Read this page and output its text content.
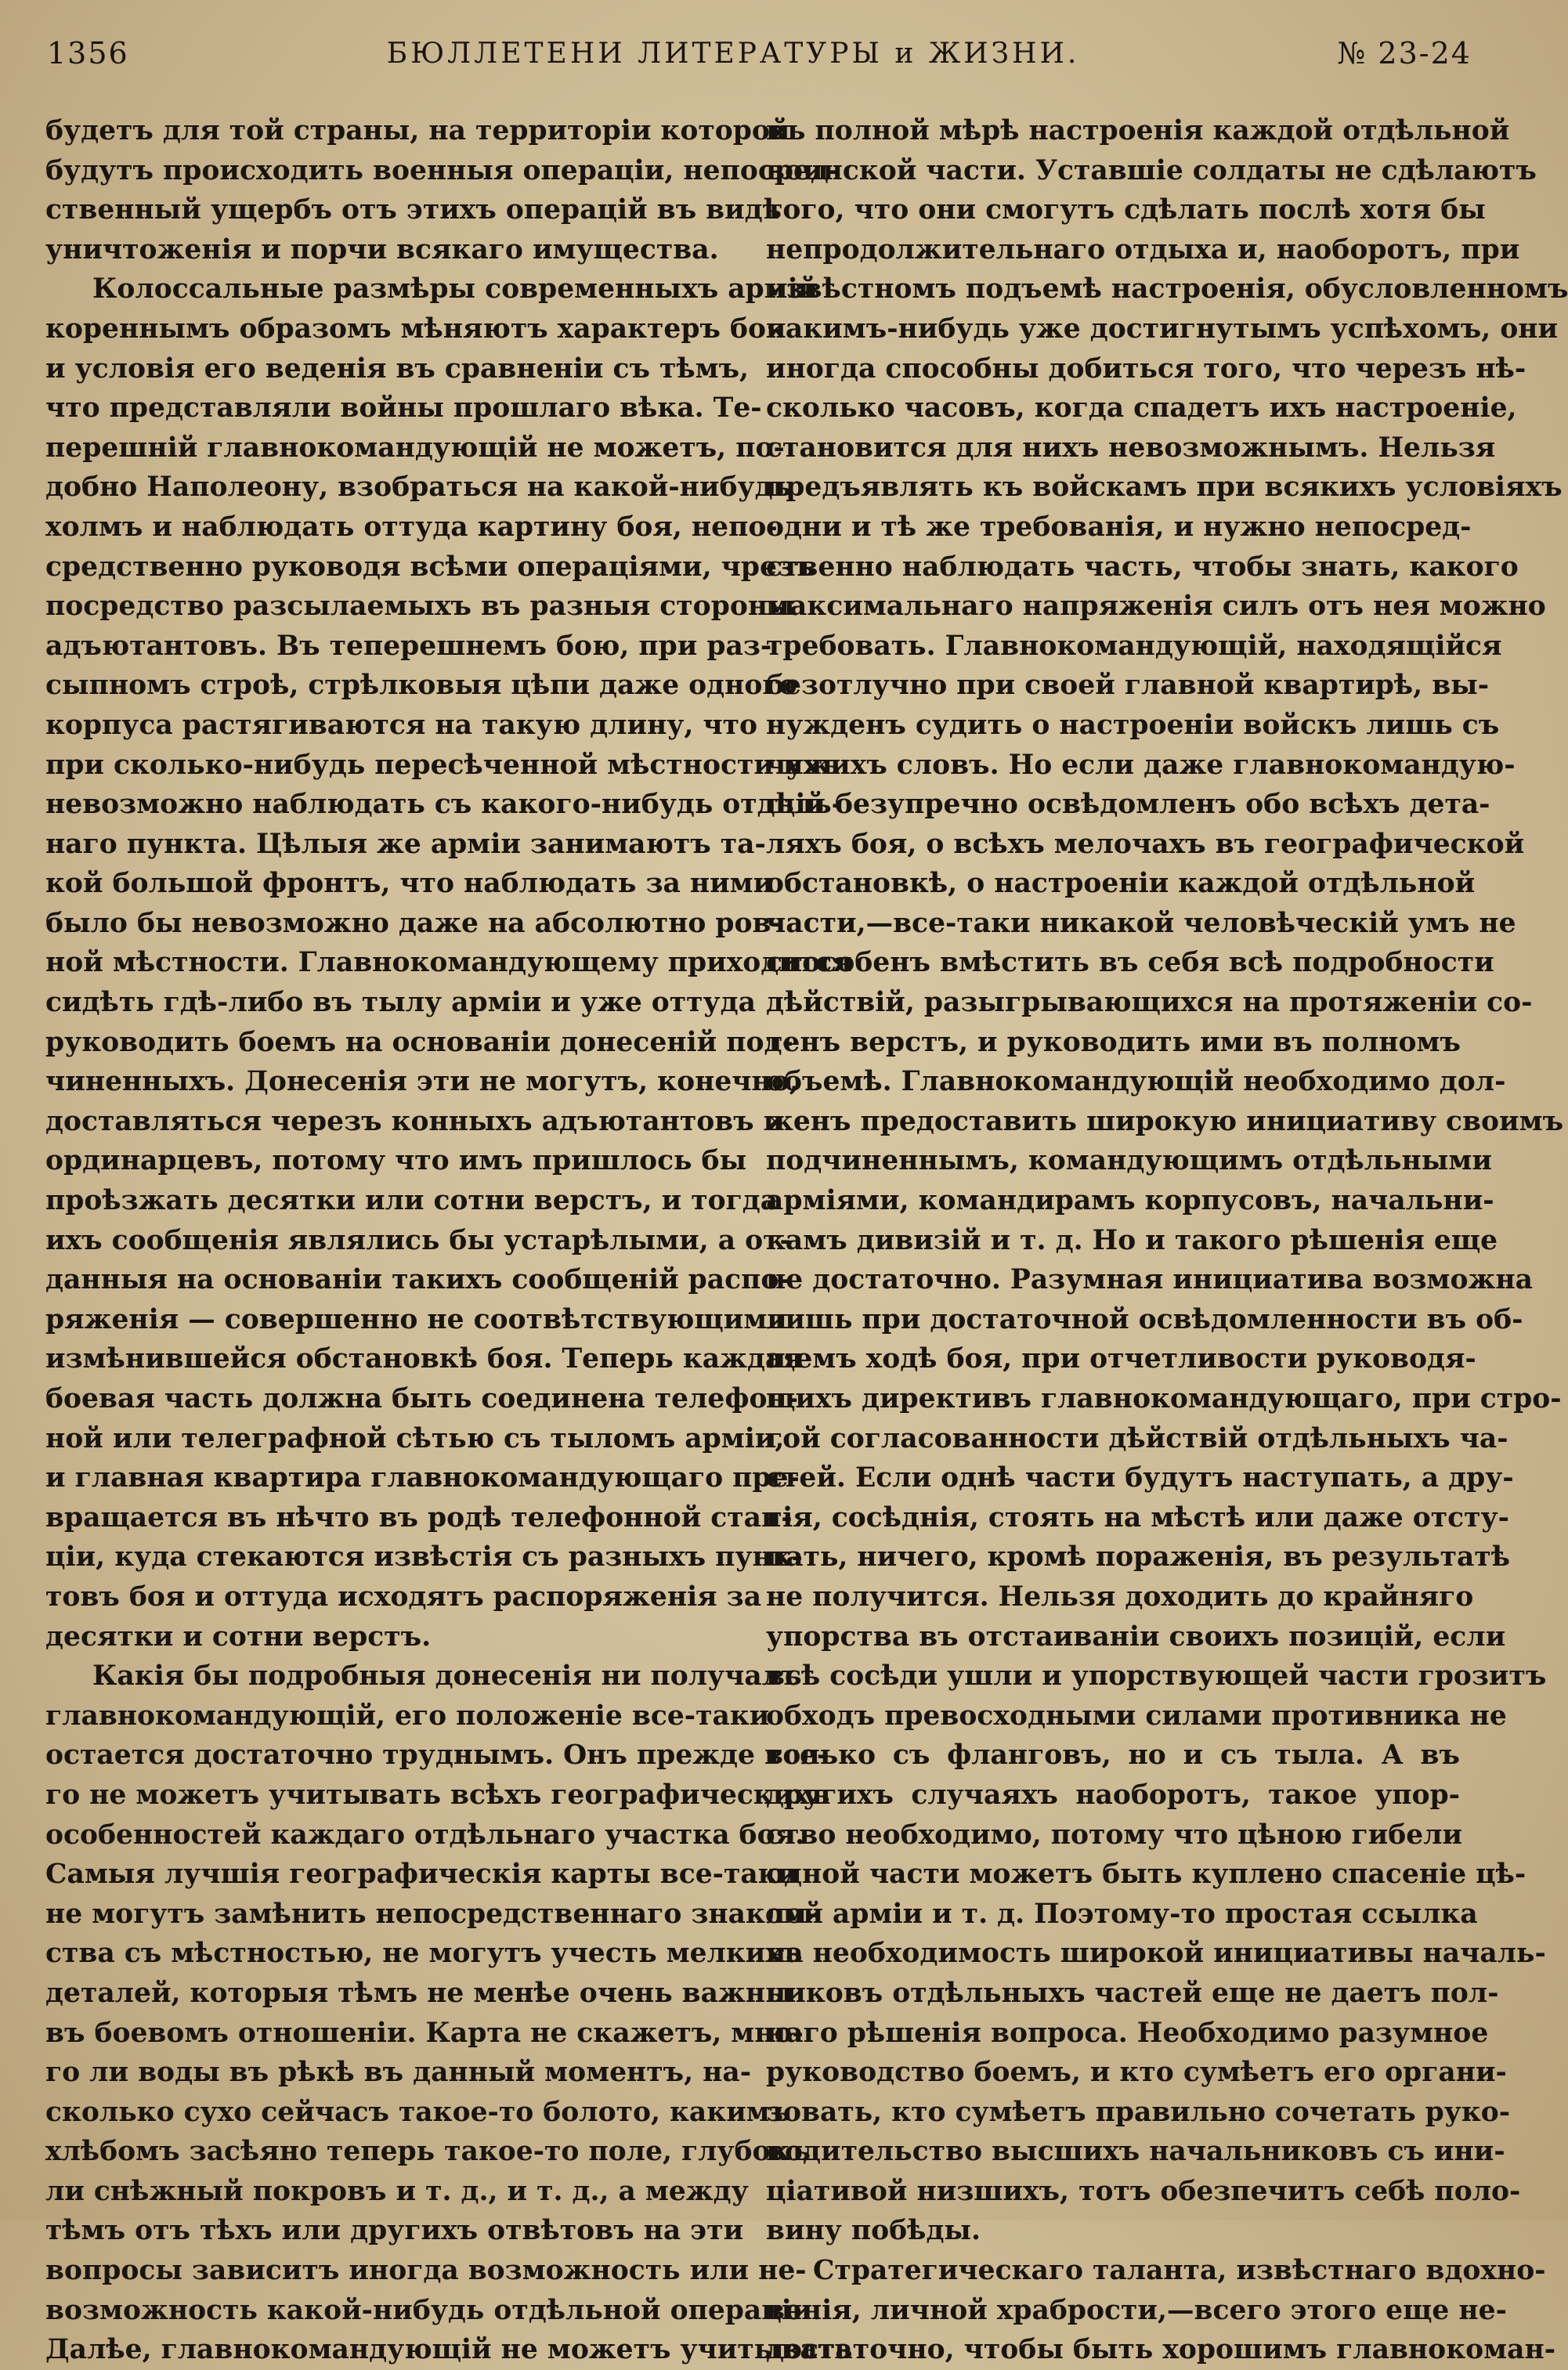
1356	БЮЛЛЕТЕНИ ЛИТЕРАТУРЫ и ЖИЗНИ.	№ 23-24
будетъ для той страны, на территоріи которой
будутъ происходить военныя операціи, непосред-
ственный ущербъ отъ этихъ операцій въ видѣ
уничтоженія и порчи всякаго имущества.
Колоссальные размѣры современныхъ армій
кореннымъ образомъ мѣняютъ характеръ боя
и условія его веденія въ сравненіи съ тѣмъ,
что представляли войны прошлаго вѣка. Те-
перешній главнокомандующій не можетъ, по-
добно Наполеону, взобраться на какой-нибудь
холмъ и наблюдать оттуда картину боя, непо-
средственно руководя всѣми операціями, чрезъ
посредство разсылаемыхъ въ разныя стороны
адъютантовъ. Въ теперешнемъ бою, при раз-
сыпномъ строѣ, стрѣлковыя цѣпи даже одного
корпуса растягиваются на такую длину, что
при сколько-нибудь пересѣченной мѣстности ихъ
невозможно наблюдать съ какого-нибудь отдѣль-
наго пункта. Цѣлыя же арміи занимаютъ та-
кой большой фронтъ, что наблюдать за ними
было бы невозможно даже на абсолютно ров-
ной мѣстности. Главнокомандующему приходится
сидѣть гдѣ-либо въ тылу арміи и уже оттуда
руководить боемъ на основаніи донесеній под-
чиненныхъ. Донесенія эти не могутъ, конечно,
доставляться черезъ конныхъ адъютантовъ и
ординарцевъ, потому что имъ пришлось бы
проѣзжать десятки или сотни верстъ, и тогда
ихъ сообщенія являлись бы устарѣлыми, а от-
данныя на основаніи такихъ сообщеній распо-
ряженія — совершенно не соотвѣтствующими
измѣнившейся обстановкѣ боя. Теперь каждая
боевая часть должна быть соединена телефон-
ной или телеграфной сѣтью съ тыломъ арміи,
и главная квартира главнокомандующаго пре-
вращается въ нѣчто въ родѣ телефонной стан-
ціи, куда стекаются извѣстія съ разныхъ пунк-
товъ боя и оттуда исходятъ распоряженія за
десятки и сотни верстъ.
Какія бы подробныя донесенія ни получалъ
главнокомандующій, его положеніе все-таки
остается достаточно труднымъ. Онъ прежде все-
го не можетъ учитывать всѣхъ географическихъ
особенностей каждаго отдѣльнаго участка боя.
Самыя лучшія географическія карты все-таки
не могутъ замѣнить непосредственнаго знаком-
ства съ мѣстностью, не могутъ учесть мелкихъ
деталей, которыя тѣмъ не менѣе очень важны
въ боевомъ отношеніи. Карта не скажетъ, мно-
го ли воды въ рѣкѣ въ данный моментъ, на-
сколько сухо сейчасъ такое-то болото, какимъ
хлѣбомъ засѣяно теперь такое-то поле, глубокъ
ли снѣжный покровъ и т. д., и т. д., а между
тѣмъ отъ тѣхъ или другихъ отвѣтовъ на эти
вопросы зависитъ иногда возможность или не-
возможность какой-нибудь отдѣльной операціи.
Далѣе, главнокомандующій не можетъ учитывать
въ полной мѣрѣ настроенія каждой отдѣльной
воинской части. Уставшіе солдаты не сдѣлаютъ
того, что они смогутъ сдѣлать послѣ хотя бы
непродолжительнаго отдыха и, наоборотъ, при
извѣстномъ подъемѣ настроенія, обусловленномъ
какимъ-нибудь уже достигнутымъ успѣхомъ, они
иногда способны добиться того, что черезъ нѣ-
сколько часовъ, когда спадетъ ихъ настроеніе,
становится для нихъ невозможнымъ. Нельзя
предъявлять къ войскамъ при всякихъ условіяхъ
одни и тѣ же требованія, и нужно непосред-
ственно наблюдать часть, чтобы знать, какого
максимальнаго напряженія силъ отъ нея можно
требовать. Главнокомандующій, находящійся
безотлучно при своей главной квартирѣ, вы-
нужденъ судить о настроеніи войскъ лишь съ
чужихъ словъ. Но если даже главнокомандую-
щій безупречно освѣдомленъ обо всѣхъ дета-
ляхъ боя, о всѣхъ мелочахъ въ географической
обстановкѣ, о настроеніи каждой отдѣльной
части,—все-таки никакой человѣческій умъ не
способенъ вмѣстить въ себя всѣ подробности
дѣйствій, разыгрывающихся на протяженіи со-
тенъ верстъ, и руководить ими въ полномъ
объемѣ. Главнокомандующій необходимо дол-
женъ предоставить широкую инициативу своимъ
подчиненнымъ, командующимъ отдѣльными
арміями, командирамъ корпусовъ, начальни-
камъ дивизій и т. д. Но и такого рѣшенія еще
не достаточно. Разумная инициатива возможна
лишь при достаточной освѣдомленности въ об-
щемъ ходѣ боя, при отчетливости руководя-
щихъ директивъ главнокомандующаго, при стро-
гой согласованности дѣйствій отдѣльныхъ ча-
стей. Если однѣ части будутъ наступать, а дру-
гія, сосѣднія, стоять на мѣстѣ или даже отсту-
пать, ничего, кромѣ пораженія, въ результатѣ
не получится. Нельзя доходить до крайняго
упорства въ отстаиваніи своихъ позицій, если
всѣ сосѣди ушли и упорствующей части грозитъ
обходъ превосходными силами противника не
только съ фланговъ, но и съ тыла. А въ
другихъ случаяхъ наоборотъ, такое упор-
ство необходимо, потому что цѣною гибели
одной части можетъ быть куплено спасеніе цѣ-
лой арміи и т. д. Поэтому-то простая ссылка
на необходимость широкой инициативы началь-
никовъ отдѣльныхъ частей еще не даетъ пол-
наго рѣшенія вопроса. Необходимо разумное
руководство боемъ, и кто сумѣетъ его органи-
зовать, кто сумѣетъ правильно сочетать руко-
водительство высшихъ начальниковъ съ ини-
ціативой низшихъ, тотъ обезпечитъ себѣ поло-
вину побѣды.
Стратегическаго таланта, извѣстнаго вдохно-
венія, личной храбрости,—всего этого еще не-
достаточно, чтобы быть хорошимъ главнокоман-
